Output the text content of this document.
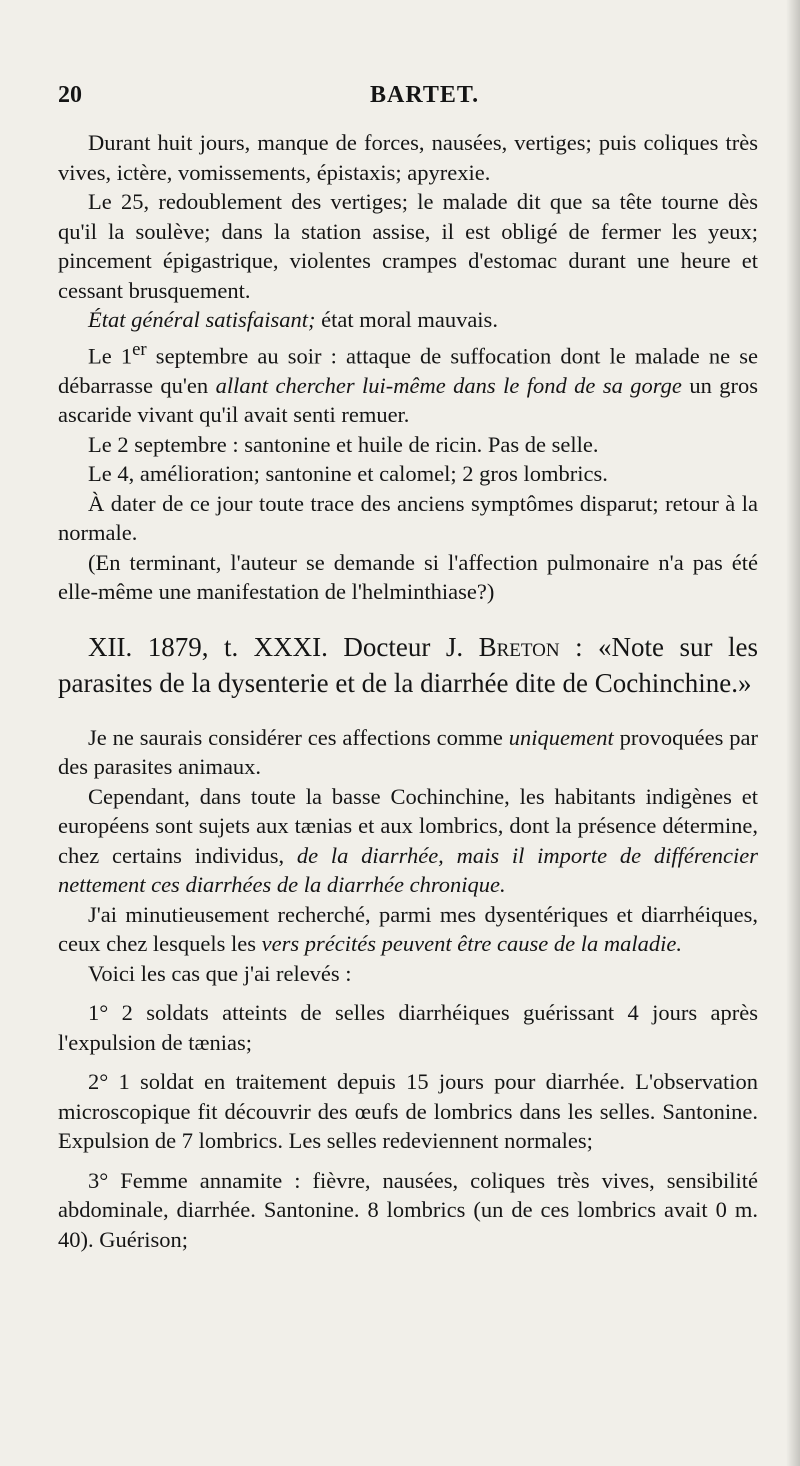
20	BARTET.

Durant huit jours, manque de forces, nausées, vertiges; puis coliques très vives, ictère, vomissements, épistaxis; apyrexie.

Le 25, redoublement des vertiges; le malade dit que sa tête tourne dès qu'il la soulève; dans la station assise, il est obligé de fermer les yeux; pincement épigastrique, violentes crampes d'estomac durant une heure et cessant brusquement.

État général satisfaisant; état moral mauvais.

Le 1er septembre au soir : attaque de suffocation dont le malade ne se débarrasse qu'en allant chercher lui-même dans le fond de sa gorge un gros ascaride vivant qu'il avait senti remuer.

Le 2 septembre : santonine et huile de ricin. Pas de selle.

Le 4, amélioration; santonine et calomel; 2 gros lombrics.

À dater de ce jour toute trace des anciens symptômes disparut; retour à la normale.

(En terminant, l'auteur se demande si l'affection pulmonaire n'a pas été elle-même une manifestation de l'helminthiase?)

XII. 1879, t. XXXI. Docteur J. Breton : «Note sur les parasites de la dysenterie et de la diarrhée dite de Cochinchine.»

Je ne saurais considérer ces affections comme uniquement provoquées par des parasites animaux.

Cependant, dans toute la basse Cochinchine, les habitants indigènes et européens sont sujets aux tænias et aux lombrics, dont la présence détermine, chez certains individus, de la diarrhée, mais il importe de différencier nettement ces diarrhées de la diarrhée chronique.

J'ai minutieusement recherché, parmi mes dysentériques et diarrhéiques, ceux chez lesquels les vers précités peuvent être cause de la maladie.

Voici les cas que j'ai relevés :

1° 2 soldats atteints de selles diarrhéiques guérissant 4 jours après l'expulsion de tænias;

2° 1 soldat en traitement depuis 15 jours pour diarrhée. L'observation microscopique fit découvrir des œufs de lombrics dans les selles. Santonine. Expulsion de 7 lombrics. Les selles redeviennent normales;

3° Femme annamite : fièvre, nausées, coliques très vives, sensibilité abdominale, diarrhée. Santonine. 8 lombrics (un de ces lombrics avait 0 m. 40). Guérison;
